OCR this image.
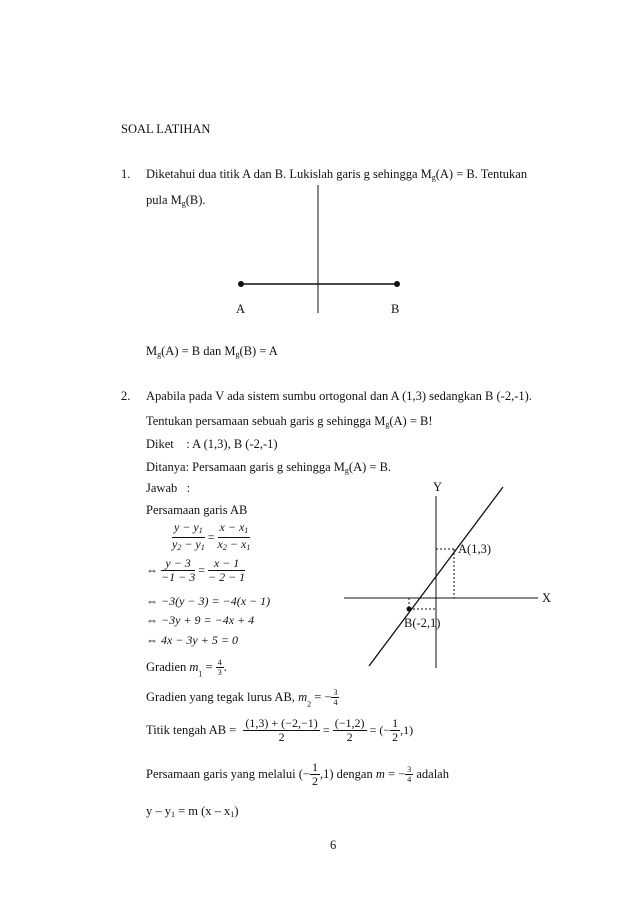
SOAL LATIHAN
1. Diketahui dua titik A dan B. Lukislah garis g sehingga $M_g(A) = B$. Tentukan
pula $M_g(B)$.
A	B
$M_g(A) = B$ dan $M_g(B) = A$
2. Apabila pada V ada sistem sumbu ortogonal dan A (1,3) sedangkan B (-2,-1).
Tentukan persamaan sebuah garis g sehingga $M_g(A) = B$!
Diket    : A (1,3), B (-2,-1)
Ditanya: Persamaan garis g sehingga $M_g(A) = B$.
Jawab   :
Persamaan garis AB
$\frac{y - y_1}{y_2 - y_1} = \frac{x - x_1}{x_2 - x_1}$
⇔ $\frac{y - 3}{-1 - 3} = \frac{x - 1}{- 2 - 1}$
⇔ −3(y − 3) = −4(x − 1)
⇔ −3y + 9 = −4x + 4
⇔ 4x − 3y + 5 = 0
Y
X
A(1,3)
B(-2,1)
Gradien $m_1 = \frac{4}{3}$ .
Gradien yang tegak lurus AB, $m_2$ = − $\frac{3}{4}$
Titik tengah AB = $\frac{(1,3) + (-2,-1)}{2} = \frac{(-1,2)}{2}$ = (− $\frac{1}{2} ,1$)
Persamaan garis yang melalui (− $\frac{1}{2} ,1$) dengan m = − $\frac{3}{4}$ adalah
$y - y_1 = m$ $(x - x_1)$
6
